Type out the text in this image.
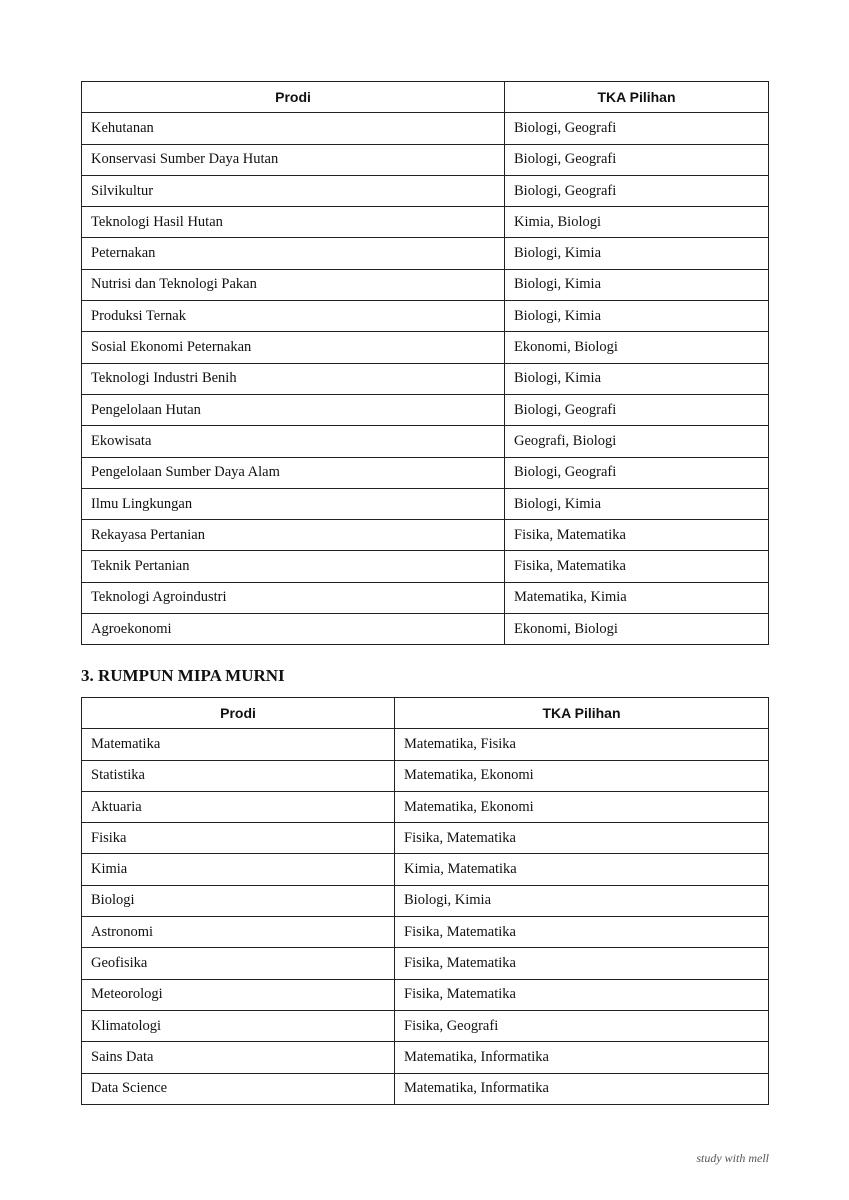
Prodi	TKA Pilihan
Kehutanan	Biologi, Geografi
Konservasi Sumber Daya Hutan	Biologi, Geografi
Silvikultur	Biologi, Geografi
Teknologi Hasil Hutan	Kimia, Biologi
Peternakan	Biologi, Kimia
Nutrisi dan Teknologi Pakan	Biologi, Kimia
Produksi Ternak	Biologi, Kimia
Sosial Ekonomi Peternakan	Ekonomi, Biologi
Teknologi Industri Benih	Biologi, Kimia
Pengelolaan Hutan	Biologi, Geografi
Ekowisata	Geografi, Biologi
Pengelolaan Sumber Daya Alam	Biologi, Geografi
Ilmu Lingkungan	Biologi, Kimia
Rekayasa Pertanian	Fisika, Matematika
Teknik Pertanian	Fisika, Matematika
Teknologi Agroindustri	Matematika, Kimia
Agroekonomi	Ekonomi, Biologi
3. RUMPUN MIPA MURNI
Prodi	TKA Pilihan
Matematika	Matematika, Fisika
Statistika	Matematika, Ekonomi
Aktuaria	Matematika, Ekonomi
Fisika	Fisika, Matematika
Kimia	Kimia, Matematika
Biologi	Biologi, Kimia
Astronomi	Fisika, Matematika
Geofisika	Fisika, Matematika
Meteorologi	Fisika, Matematika
Klimatologi	Fisika, Geografi
Sains Data	Matematika, Informatika
Data Science	Matematika, Informatika
study with mell
